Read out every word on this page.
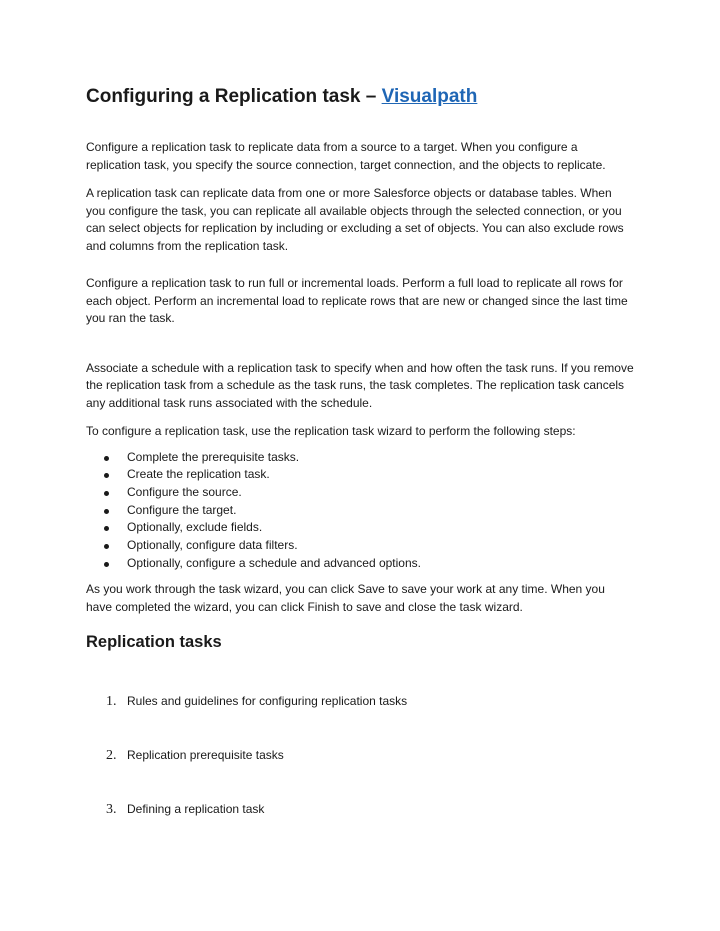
Configuring a Replication task – Visualpath

Configure a replication task to replicate data from a source to a target. When you configure a replication task, you specify the source connection, target connection, and the objects to replicate.

A replication task can replicate data from one or more Salesforce objects or database tables. When you configure the task, you can replicate all available objects through the selected connection, or you can select objects for replication by including or excluding a set of objects. You can also exclude rows and columns from the replication task.

Configure a replication task to run full or incremental loads. Perform a full load to replicate all rows for each object. Perform an incremental load to replicate rows that are new or changed since the last time you ran the task.

Associate a schedule with a replication task to specify when and how often the task runs. If you remove the replication task from a schedule as the task runs, the task completes. The replication task cancels any additional task runs associated with the schedule.

To configure a replication task, use the replication task wizard to perform the following steps:

Complete the prerequisite tasks.
Create the replication task.
Configure the source.
Configure the target.
Optionally, exclude fields.
Optionally, configure data filters.
Optionally, configure a schedule and advanced options.

As you work through the task wizard, you can click Save to save your work at any time. When you have completed the wizard, you can click Finish to save and close the task wizard.

Replication tasks
1. Rules and guidelines for configuring replication tasks
2. Replication prerequisite tasks
3. Defining a replication task
